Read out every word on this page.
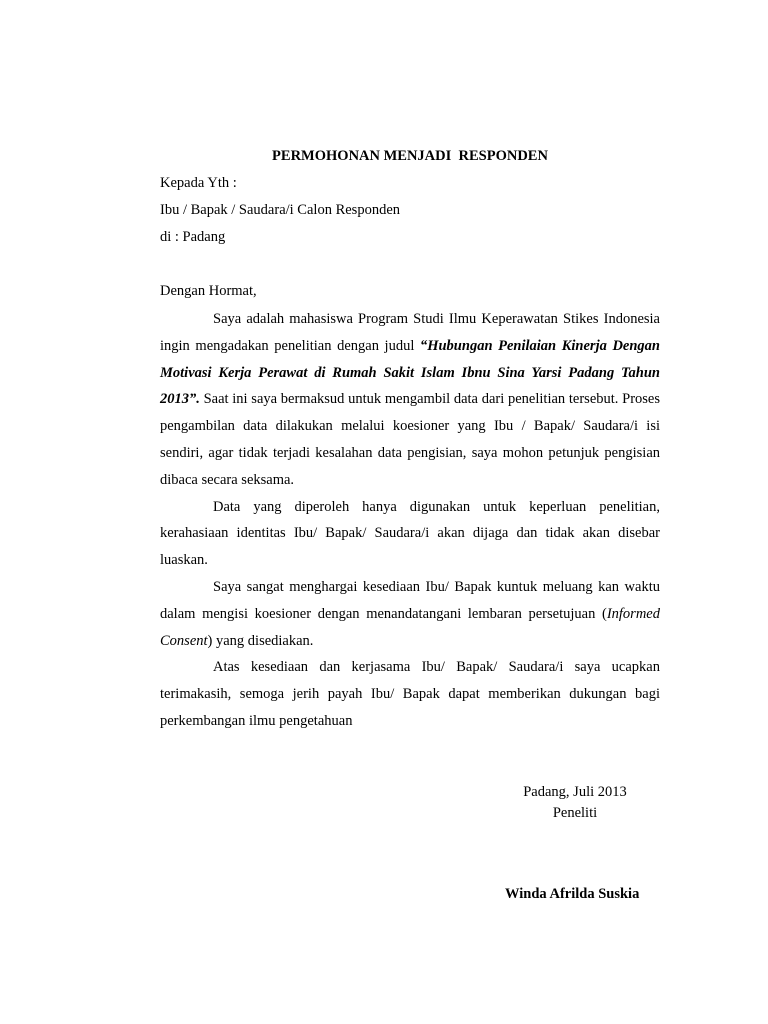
PERMOHONAN MENJADI  RESPONDEN
Kepada Yth :
Ibu / Bapak / Saudara/i Calon Responden
di : Padang
Dengan Hormat,

Saya adalah mahasiswa Program Studi Ilmu Keperawatan Stikes Indonesia ingin mengadakan penelitian dengan judul “Hubungan Penilaian Kinerja Dengan Motivasi Kerja Perawat di Rumah Sakit Islam Ibnu Sina Yarsi Padang Tahun 2013”. Saat ini saya bermaksud untuk mengambil data dari penelitian tersebut. Proses pengambilan data dilakukan melalui koesioner yang Ibu / Bapak/ Saudara/i isi sendiri, agar tidak terjadi kesalahan data pengisian, saya mohon petunjuk pengisian dibaca secara seksama.

Data yang diperoleh hanya digunakan untuk keperluan penelitian, kerahasiaan identitas Ibu/ Bapak/ Saudara/i akan dijaga dan tidak akan disebar luaskan.

Saya sangat menghargai kesediaan Ibu/ Bapak kuntuk meluang kan waktu dalam mengisi koesioner dengan menandatangani lembaran persetujuan (Informed Consent) yang disediakan.

Atas kesediaan dan kerjasama Ibu/ Bapak/ Saudara/i saya ucapkan terimakasih, semoga jerih payah Ibu/ Bapak dapat memberikan dukungan bagi perkembangan ilmu pengetahuan

Padang, Juli 2013
Peneliti
Winda Afrilda Suskia
